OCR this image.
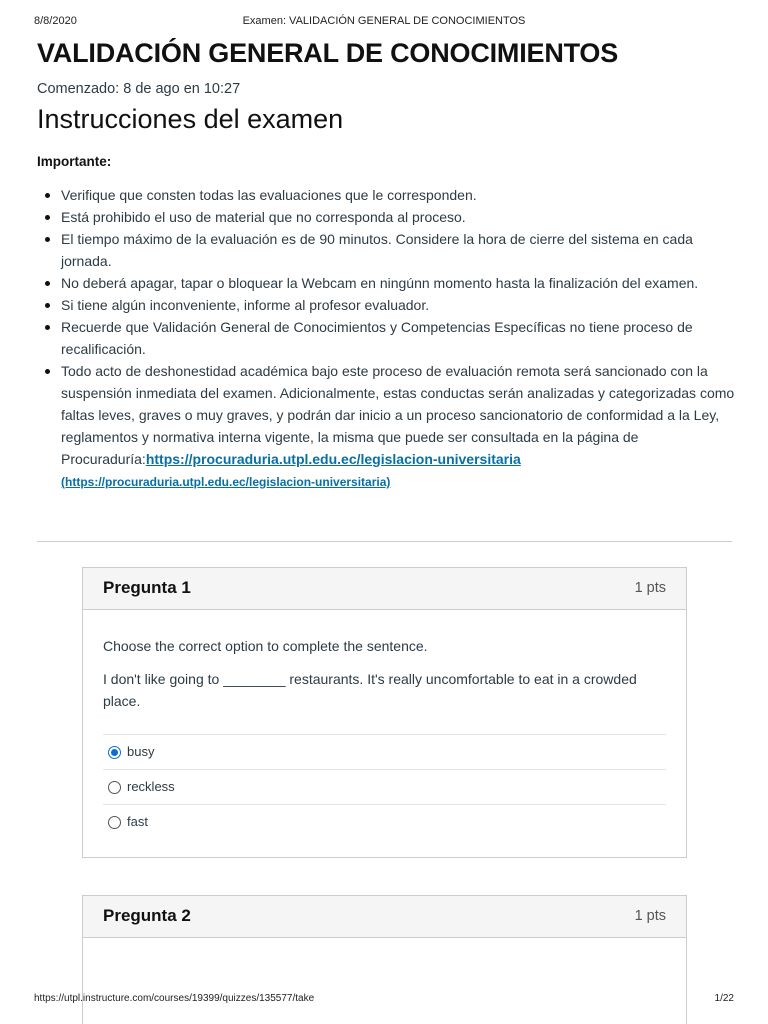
8/8/2020	Examen: VALIDACIÓN GENERAL DE CONOCIMIENTOS
VALIDACIÓN GENERAL DE CONOCIMIENTOS
Comenzado: 8 de ago en 10:27
Instrucciones del examen
Importante:
Verifique que consten todas las evaluaciones que le corresponden.
Está prohibido el uso de material que no corresponda al proceso.
El tiempo máximo de la evaluación es de 90 minutos. Considere la hora de cierre del sistema en cada jornada.
No deberá apagar, tapar o bloquear la Webcam en ningúnn momento hasta la finalización del examen.
Si tiene algún inconveniente, informe al profesor evaluador.
Recuerde que Validación General de Conocimientos y Competencias Específicas no tiene proceso de recalificación.
Todo acto de deshonestidad académica bajo este proceso de evaluación remota será sancionado con la suspensión inmediata del examen. Adicionalmente, estas conductas serán analizadas y categorizadas como faltas leves, graves o muy graves, y podrán dar inicio a un proceso sancionatorio de conformidad a la Ley, reglamentos y normativa interna vigente, la misma que puede ser consultada en la página de Procuraduría:https://procuraduria.utpl.edu.ec/legislacion-universitaria
(https://procuraduria.utpl.edu.ec/legislacion-universitaria)
Pregunta 1	1 pts

Choose the correct option to complete the sentence.

I don't like going to ________ restaurants. It's really uncomfortable to eat in a crowded place.

busy
reckless
fast
Pregunta 2	1 pts
https://utpl.instructure.com/courses/19399/quizzes/135577/take	1/22
